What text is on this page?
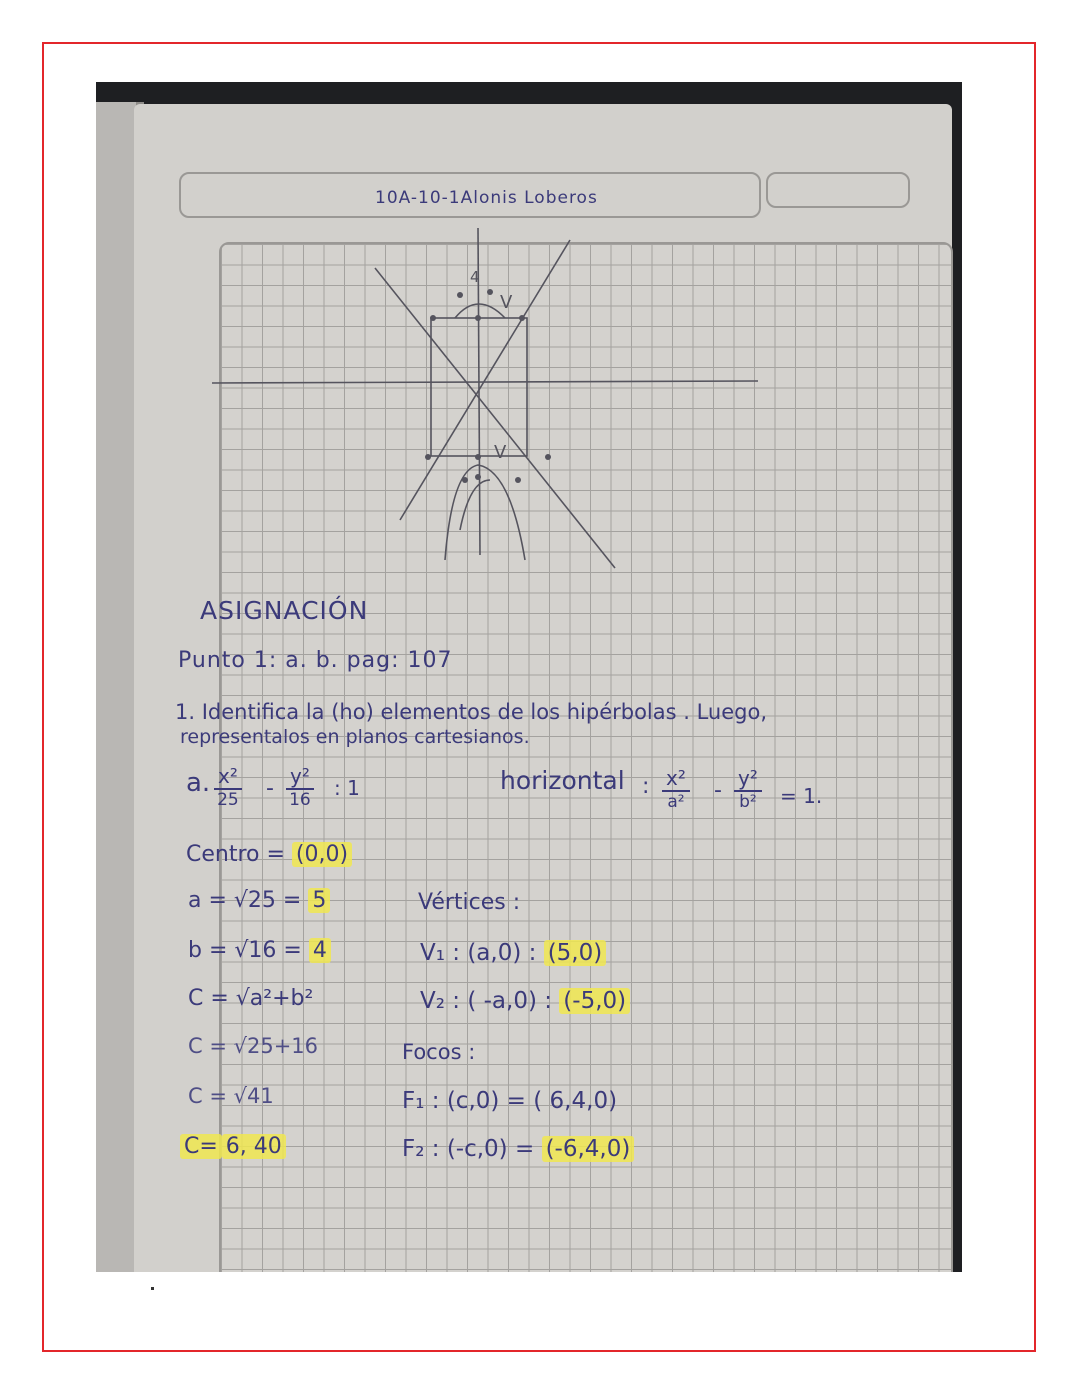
10A-10-1Alonis Loberos
4
V
V
ASIGNACIÓN
Punto 1: a. b. pag: 107
1. Identifica la (ho) elementos de los hipérbolas . Luego,
representalos en planos cartesianos.
a. $\frac{\text{x²}}{25} - \frac{\text{y²}}{16}$ : 1	horizontal : $\frac{\text{x²}}{\text{a²}} - \frac{\text{y²}}{\text{b²}} = 1$.
Centro = (0,0)
a = √25 = 5
b = √16 = 4
C = √a²+b²
C = √25+16
C = √41
C= 6, 40
Vértices :
V₁ : (a,0) : (5,0)
V₂ : ( -a,0) : (-5,0)
Focos :
F₁ : (c,0) = ( 6,4,0)
F₂ : (-c,0) = (-6,4,0)
